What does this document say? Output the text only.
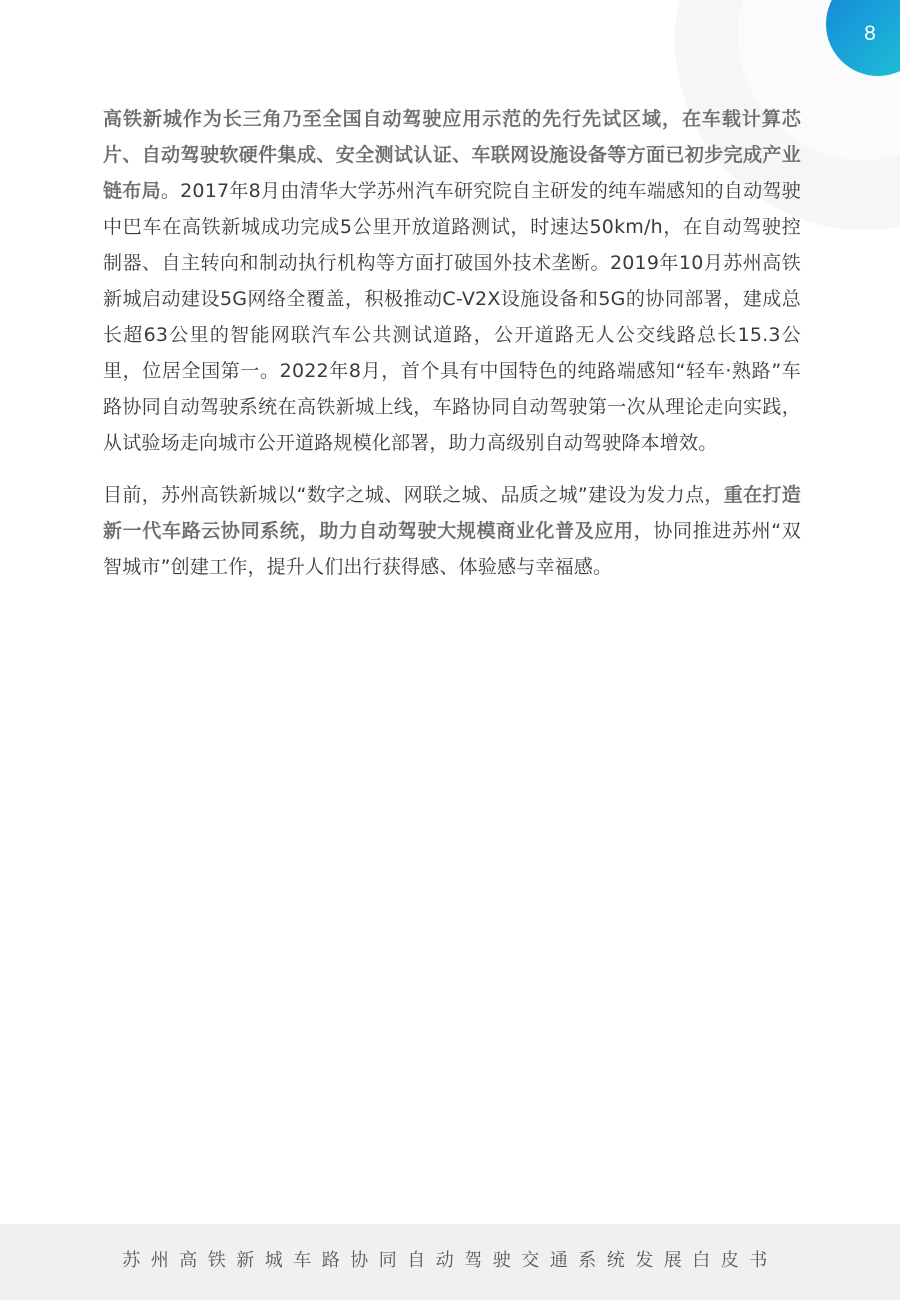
8

高铁新城作为长三角乃至全国自动驾驶应用示范的先行先试区域，在车载计算芯片、自动驾驶软硬件集成、安全测试认证、车联网设施设备等方面已初步完成产业链布局。2017年8月由清华大学苏州汽车研究院自主研发的纯车端感知的自动驾驶中巴车在高铁新城成功完成5公里开放道路测试，时速达50km/h，在自动驾驶控制器、自主转向和制动执行机构等方面打破国外技术垄断。2019年10月苏州高铁新城启动建设5G网络全覆盖，积极推动C-V2X设施设备和5G的协同部署，建成总长超63公里的智能网联汽车公共测试道路，公开道路无人公交线路总长15.3公里，位居全国第一。2022年8月，首个具有中国特色的纯路端感知“轻车·熟路”车路协同自动驾驶系统在高铁新城上线，车路协同自动驾驶第一次从理论走向实践，从试验场走向城市公开道路规模化部署，助力高级别自动驾驶降本增效。

目前，苏州高铁新城以“数字之城、网联之城、品质之城”建设为发力点，重在打造新一代车路云协同系统，助力自动驾驶大规模商业化普及应用，协同推进苏州“双智城市”创建工作，提升人们出行获得感、体验感与幸福感。

苏州高铁新城车路协同自动驾驶交通系统发展白皮书
